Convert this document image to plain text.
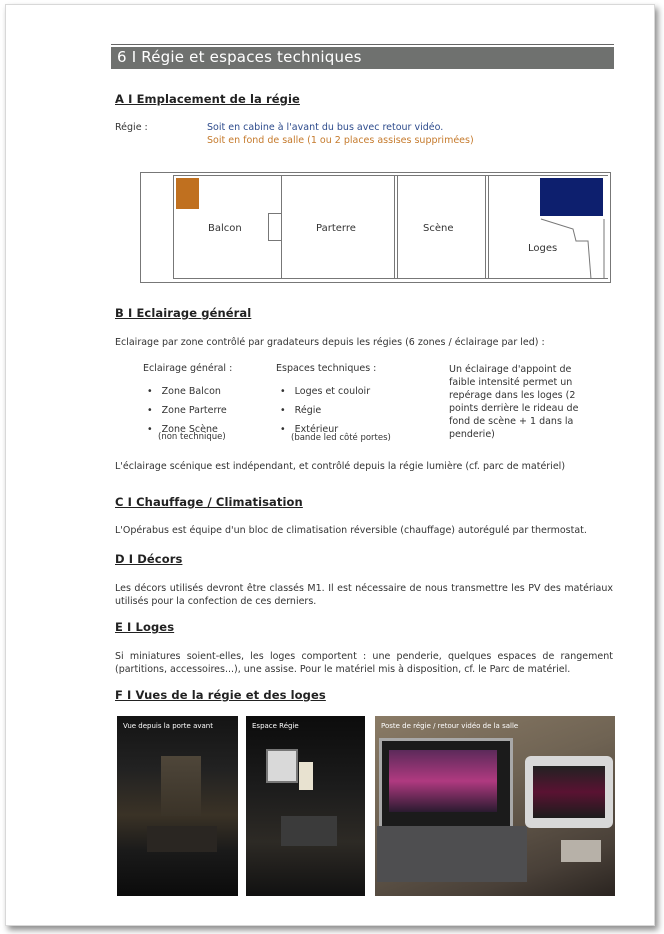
6 I Régie et espaces techniques
A I Emplacement de la régie
Régie :	Soit en cabine à l'avant du bus avec retour vidéo.
Soit en fond de salle (1 ou 2 places assises supprimées)
Balcon	Parterre	Scène
Loges
B I Eclairage général
Eclairage par zone contrôlé par gradateurs depuis les régies (6 zones / éclairage par led) :
Eclairage général :
•   Zone Balcon
•   Zone Parterre
•   Zone Scène
(non technique)
Espaces techniques :
•   Loges et couloir
•   Régie
•   Extérieur
(bande led côté portes)
Un éclairage d'appoint de faible intensité permet un repérage dans les loges (2 points derrière le rideau de fond de scène + 1 dans la penderie)
L'éclairage scénique est indépendant, et contrôlé depuis la régie lumière (cf. parc de matériel)
C I Chauffage / Climatisation
L'Opérabus est équipe d'un bloc de climatisation réversible (chauffage) autorégulé par thermostat.
D I Décors
Les décors utilisés devront être classés M1. Il est nécessaire de nous transmettre les PV des matériaux utilisés pour la confection de ces derniers.
E I Loges
Si miniatures soient-elles, les loges comportent : une penderie, quelques espaces de rangement (partitions, accessoires...), une assise. Pour le matériel mis à disposition, cf. le Parc de matériel.
F I Vues de la régie et des loges
Vue depuis la porte avant	Espace Régie	Poste de régie / retour vidéo de la salle
